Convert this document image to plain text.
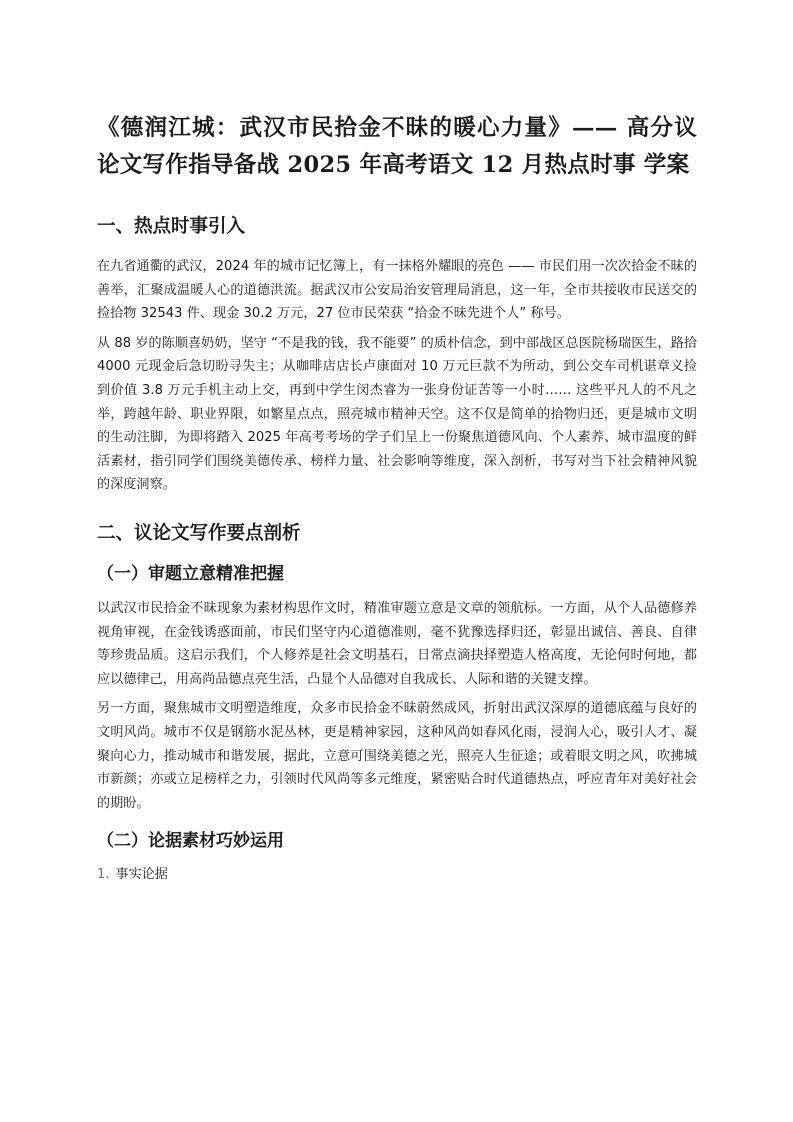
《德润江城：武汉市民拾金不昧的暖心力量》—— 高分议论文写作指导备战 2025 年高考语文 12 月热点时事 学案
一、热点时事引入

在九省通衢的武汉，2024 年的城市记忆簿上，有一抹格外耀眼的亮色 —— 市民们用一次次拾金不昧的善举，汇聚成温暖人心的道德洪流。据武汉市公安局治安管理局消息，这一年，全市共接收市民送交的捡拾物 32543 件、现金 30.2 万元，27 位市民荣获 “拾金不昧先进个人” 称号。

从 88 岁的陈顺喜奶奶，坚守 “不是我的钱，我不能要” 的质朴信念，到中部战区总医院杨瑞医生，路拾 4000 元现金后急切盼寻失主；从咖啡店店长卢康面对 10 万元巨款不为所动，到公交车司机谌章义捡到价值 3.8 万元手机主动上交，再到中学生闵杰睿为一张身份证苦等一小时…… 这些平凡人的不凡之举，跨越年龄、职业界限，如繁星点点，照亮城市精神天空。这不仅是简单的拾物归还，更是城市文明的生动注脚，为即将踏入 2025 年高考考场的学子们呈上一份聚焦道德风向、个人素养、城市温度的鲜活素材，指引同学们围绕美德传承、榜样力量、社会影响等维度，深入剖析，书写对当下社会精神风貌的深度洞察。

二、议论文写作要点剖析
（一）审题立意精准把握

以武汉市民拾金不昧现象为素材构思作文时，精准审题立意是文章的领航标。一方面，从个人品德修养视角审视，在金钱诱惑面前，市民们坚守内心道德准则，毫不犹豫选择归还，彰显出诚信、善良、自律等珍贵品质。这启示我们，个人修养是社会文明基石，日常点滴抉择塑造人格高度，无论何时何地，都应以德律己，用高尚品德点亮生活，凸显个人品德对自我成长、人际和谐的关键支撑。

另一方面，聚焦城市文明塑造维度，众多市民拾金不昧蔚然成风，折射出武汉深厚的道德底蕴与良好的文明风尚。城市不仅是钢筋水泥丛林，更是精神家园，这种风尚如春风化雨，浸润人心，吸引人才、凝聚向心力，推动城市和谐发展，据此，立意可围绕美德之光，照亮人生征途；或着眼文明之风，吹拂城市新颜；亦或立足榜样之力，引领时代风尚等多元维度，紧密贴合时代道德热点，呼应青年对美好社会的期盼。

（二）论据素材巧妙运用
1. 事实论据
